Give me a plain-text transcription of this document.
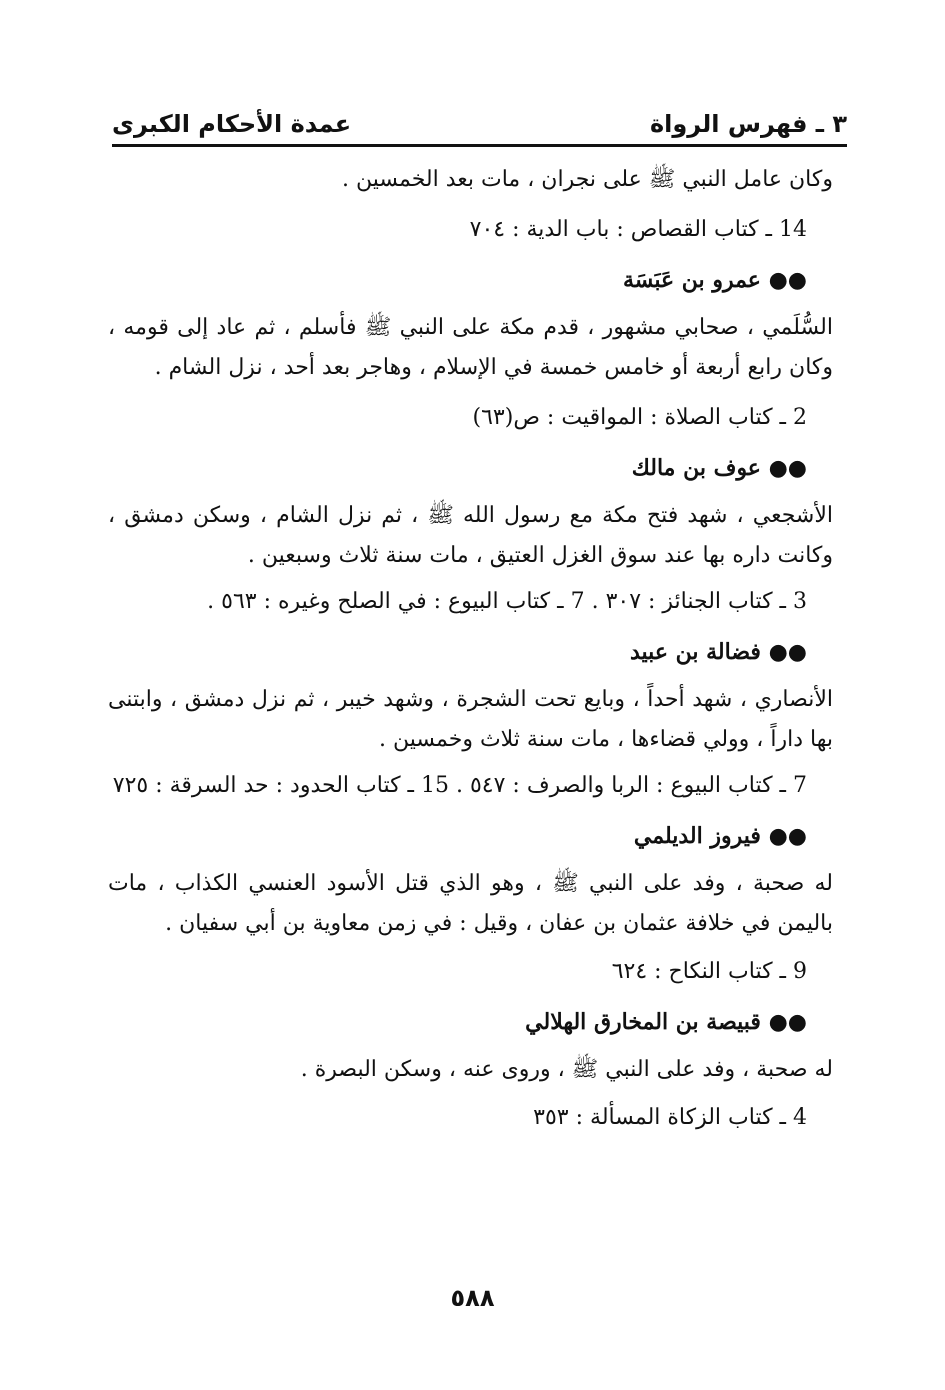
٣ ـ فهرس الرواة
عمدة الأحكام الكبرى
وكان عامل النبي ﷺ على نجران ، مات بعد الخمسين .
14 ـ كتاب القصاص : باب الدية : ٧٠٤
●● عمرو بن عَبَسَة
السُّلَمي ، صحابي مشهور ، قدم مكة على النبي ﷺ فأسلم ، ثم عاد إلى قومه ، وكان رابع أربعة أو خامس خمسة في الإسلام ، وهاجر بعد أحد ، نزل الشام .
2 ـ كتاب الصلاة : المواقيت : ص(٦٣)
●● عوف بن مالك
الأشجعي ، شهد فتح مكة مع رسول الله ﷺ ، ثم نزل الشام ، وسكن دمشق ، وكانت داره بها عند سوق الغزل العتيق ، مات سنة ثلاث وسبعين .
3 ـ كتاب الجنائز : ٣٠٧ . 7 ـ كتاب البيوع : في الصلح وغيره : ٥٦٣ .
●● فضالة بن عبيد
الأنصاري ، شهد أحداً ، وبايع تحت الشجرة ، وشهد خيبر ، ثم نزل دمشق ، وابتنى بها داراً ، وولي قضاءها ، مات سنة ثلاث وخمسين .
7 ـ كتاب البيوع : الربا والصرف : ٥٤٧ . 15 ـ كتاب الحدود : حد السرقة : ٧٢٥
●● فيروز الديلمي
له صحبة ، وفد على النبي ﷺ ، وهو الذي قتل الأسود العنسي الكذاب ، مات باليمن في خلافة عثمان بن عفان ، وقيل : في زمن معاوية بن أبي سفيان .
9 ـ كتاب النكاح : ٦٢٤
●● قبيصة بن المخارق الهلالي
له صحبة ، وفد على النبي ﷺ ، وروى عنه ، وسكن البصرة .
4 ـ كتاب الزكاة المسألة : ٣٥٣
٥٨٨
